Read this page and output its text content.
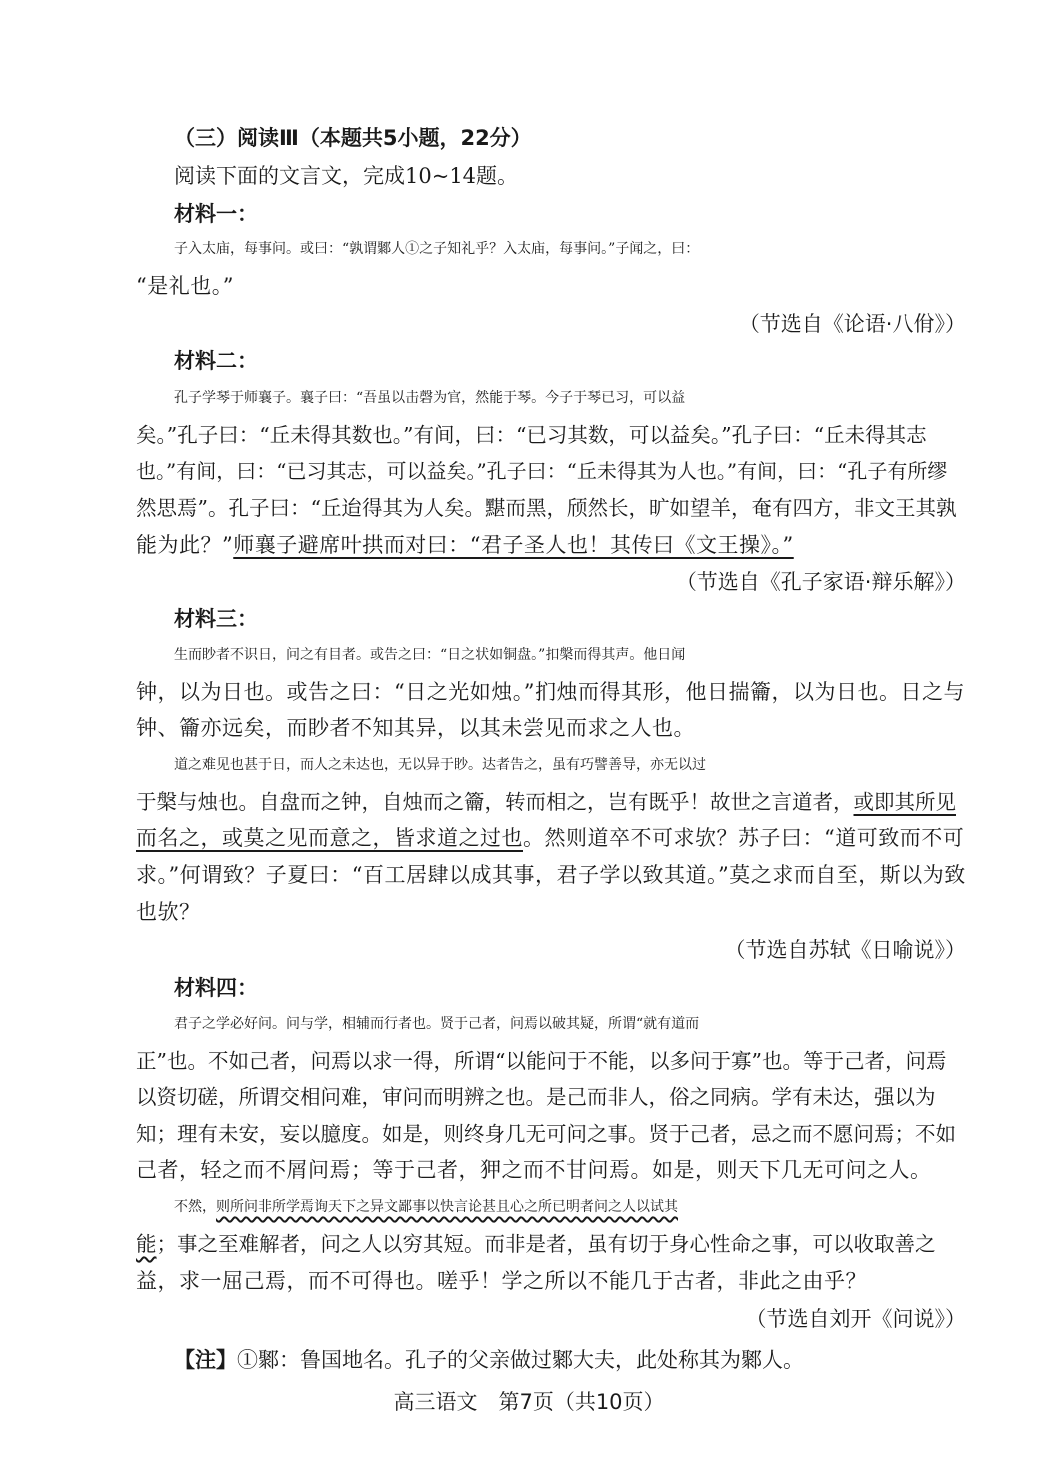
（三）阅读Ⅲ（本题共5小题，22分）
阅读下面的文言文，完成10~14题。
材料一：
子入太庙，每事问。或曰：“孰谓鄹人①之子知礼乎？入太庙，每事问。”子闻之，曰：
“是礼也。”
（节选自《论语·八佾》）
材料二：
孔子学琴于师襄子。襄子曰：“吾虽以击磬为官，然能于琴。今子于琴已习，可以益
矣。”孔子曰：“丘未得其数也。”有间，曰：“已习其数，可以益矣。”孔子曰：“丘未得其志
也。”有间，曰：“已习其志，可以益矣。”孔子曰：“丘未得其为人也。”有间，曰：“孔子有所缪
然思焉”。孔子曰：“丘迨得其为人矣。黮而黑，颀然长，旷如望羊，奄有四方，非文王其孰
能为此？”师襄子避席叶拱而对曰：“君子圣人也！其传曰《文王操》。”
（节选自《孔子家语·辩乐解》）
材料三：
生而眇者不识日，问之有目者。或告之曰：“日之状如铜盘。”扣槃而得其声。他日闻
钟，以为日也。或告之曰：“日之光如烛。”扪烛而得其形，他日揣籥，以为日也。日之与
钟、籥亦远矣，而眇者不知其异，以其未尝见而求之人也。
道之难见也甚于日，而人之未达也，无以异于眇。达者告之，虽有巧譬善导，亦无以过
于槃与烛也。自盘而之钟，自烛而之籥，转而相之，岂有既乎！故世之言道者，或即其所见
而名之，或莫之见而意之，皆求道之过也。然则道卒不可求欤？苏子曰：“道可致而不可
求。”何谓致？子夏曰：“百工居肆以成其事，君子学以致其道。”莫之求而自至，斯以为致
也欤？
（节选自苏轼《日喻说》）
材料四：
君子之学必好问。问与学，相辅而行者也。贤于己者，问焉以破其疑，所谓“就有道而
正”也。不如己者，问焉以求一得，所谓“以能问于不能，以多问于寡”也。等于己者，问焉
以资切磋，所谓交相问难，审问而明辨之也。是己而非人，俗之同病。学有未达，强以为
知；理有未安，妄以臆度。如是，则终身几无可问之事。贤于己者，忌之而不愿问焉；不如
己者，轻之而不屑问焉；等于己者，狎之而不甘问焉。如是，则天下几无可问之人。
不然，则所问非所学焉询天下之异文鄙事以快言论甚且心之所已明者问之人以试其
能；事之至难解者，问之人以穷其短。而非是者，虽有切于身心性命之事，可以收取善之
益，求一屈己焉，而不可得也。嗟乎！学之所以不能几于古者，非此之由乎？
（节选自刘开《问说》）
【注】①鄹：鲁国地名。孔子的父亲做过鄹大夫，此处称其为鄹人。
高三语文　第7页（共10页）
